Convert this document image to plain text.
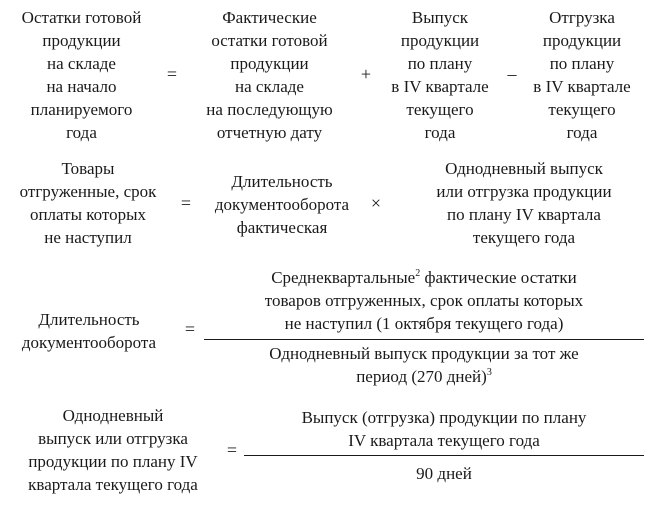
Остатки готовой
продукции
на складе
на начало
планируемого
года
=
Фактические
остатки готовой
продукции
на складе
на последующую
отчетную дату
+
Выпуск
продукции
по плану
в IV квартале
текущего
года
–
Отгрузка
продукции
по плану
в IV квартале
текущего
года
Товары
отгруженные, срок
оплаты которых
не наступил
=
Длительность
документооборота
фактическая
×
Однодневный выпуск
или отгрузка продукции
по плану IV квартала
текущего года
Длительность
документооборота
=
Среднеквартальные$^2$ фактические остатки
товаров отгруженных, срок оплаты которых
не наступил (1 октября текущего года)
Однодневный выпуск продукции за тот же
период (270 дней)$^3$
Однодневный
выпуск или отгрузка
продукции по плану IV
квартала текущего года
=
Выпуск (отгрузка) продукции по плану
IV квартала текущего года
90 дней
